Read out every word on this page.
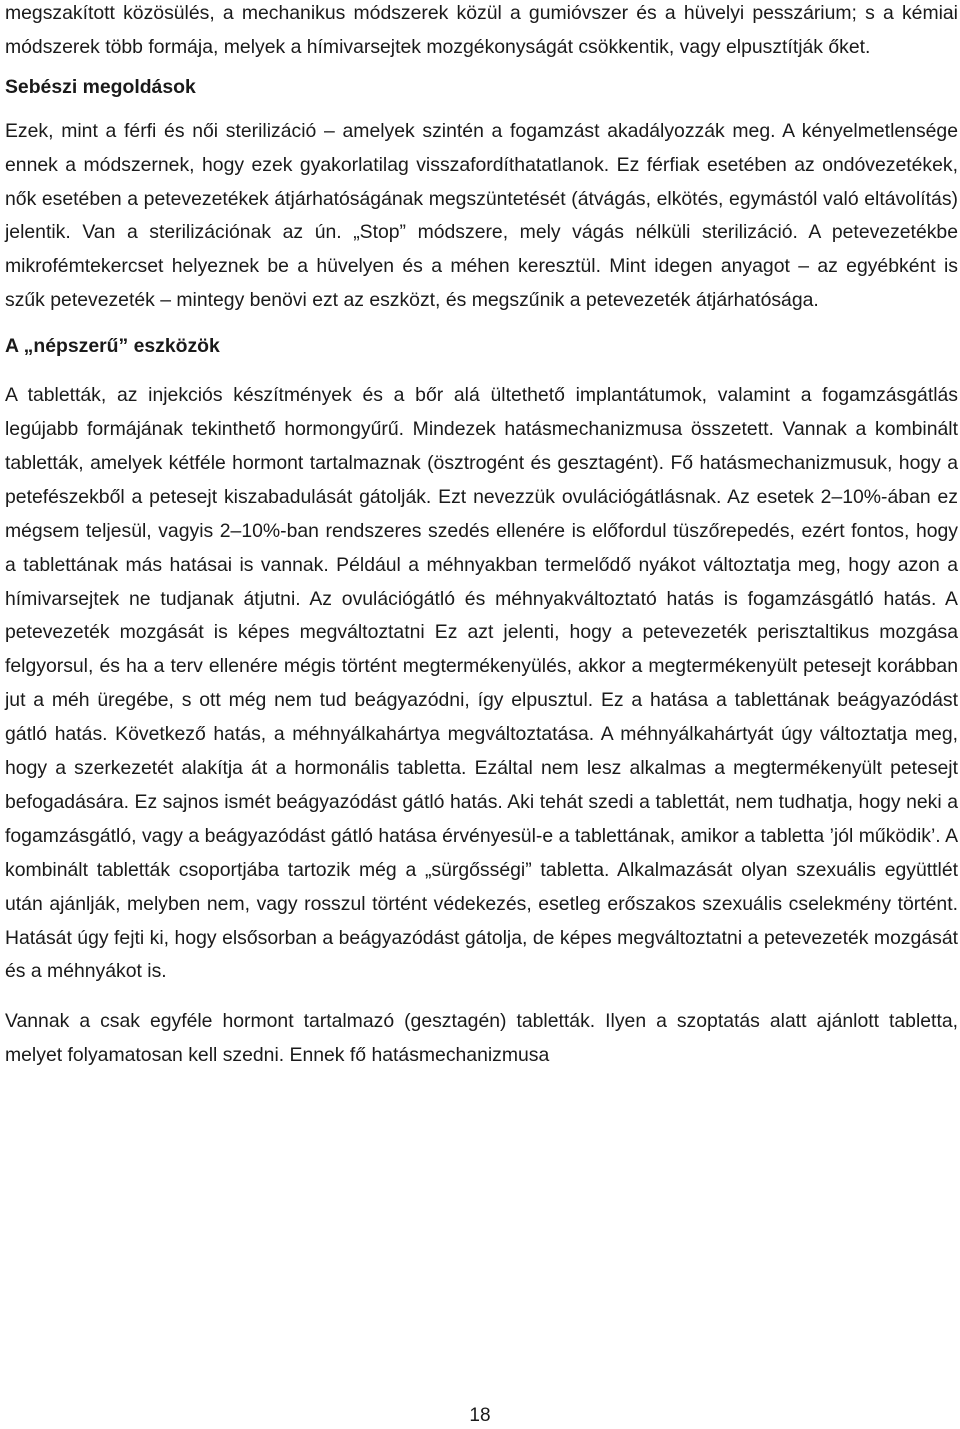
megszakított közösülés, a mechanikus módszerek közül a gumióvszer és a hüvelyi pesszárium; s a kémiai módszerek több formája, melyek a hímivarsejtek mozgékonyságát csökkentik, vagy elpusztítják őket.

Sebészi megoldások

Ezek, mint a férfi és női sterilizáció – amelyek szintén a fogamzást akadályozzák meg. A kényelmetlensége ennek a módszernek, hogy ezek gyakorlatilag visszafordíthatatlanok. Ez férfiak esetében az ondóvezetékek, nők esetében a petevezetékek átjárhatóságának megszüntetését (átvágás, elkötés, egymástól való eltávolítás) jelentik. Van a sterilizációnak az ún. „Stop” módszere, mely vágás nélküli sterilizáció. A petevezetékbe mikrofémtekercset helyeznek be a hüvelyen és a méhen keresztül. Mint idegen anyagot – az egyébként is szűk petevezeték – mintegy benövi ezt az eszközt, és megszűnik a petevezeték átjárhatósága.

A „népszerű” eszközök

A tabletták, az injekciós készítmények és a bőr alá ültethető implantátumok, valamint a fogamzásgátlás legújabb formájának tekinthető hormongyűrű. Mindezek hatásmechanizmusa összetett. Vannak a kombinált tabletták, amelyek kétféle hormont tartalmaznak (ösztrogént és gesztagént). Fő hatásmechanizmusuk, hogy a petefészekből a petesejt kiszabadulását gátolják. Ezt nevezzük ovulációgátlásnak. Az esetek 2–10%-ában ez mégsem teljesül, vagyis 2–10%-ban rendszeres szedés ellenére is előfordul tüszőrepedés, ezért fontos, hogy a tablettának más hatásai is vannak. Például a méhnyakban termelődő nyákot változtatja meg, hogy azon a hímivarsejtek ne tudjanak átjutni. Az ovulációgátló és méhnyakváltoztató hatás is fogamzásgátló hatás. A petevezeték mozgását is képes megváltoztatni Ez azt jelenti, hogy a petevezeték perisztaltikus mozgása felgyorsul, és ha a terv ellenére mégis történt megtermékenyülés, akkor a megtermékenyült petesejt korábban jut a méh üregébe, s ott még nem tud beágyazódni, így elpusztul. Ez a hatása a tablettának beágyazódást gátló hatás. Következő hatás, a méhnyálkahártya megváltoztatása. A méhnyálkahártyát úgy változtatja meg, hogy a szerkezetét alakítja át a hormonális tabletta. Ezáltal nem lesz alkalmas a megtermékenyült petesejt befogadására. Ez sajnos ismét beágyazódást gátló hatás. Aki tehát szedi a tablettát, nem tudhatja, hogy neki a fogamzásgátló, vagy a beágyazódást gátló hatása érvényesül-e a tablettának, amikor a tabletta ’jól működik’. A kombinált tabletták csoportjába tartozik még a „sürgősségi” tabletta. Alkalmazását olyan szexuális együttlét után ajánlják, melyben nem, vagy rosszul történt védekezés, esetleg erőszakos szexuális cselekmény történt. Hatását úgy fejti ki, hogy elsősorban a beágyazódást gátolja, de képes megváltoztatni a petevezeték mozgását és a méhnyákot is.

Vannak a csak egyféle hormont tartalmazó (gesztagén) tabletták. Ilyen a szoptatás alatt ajánlott tabletta, melyet folyamatosan kell szedni. Ennek fő hatásmechanizmusa

18
